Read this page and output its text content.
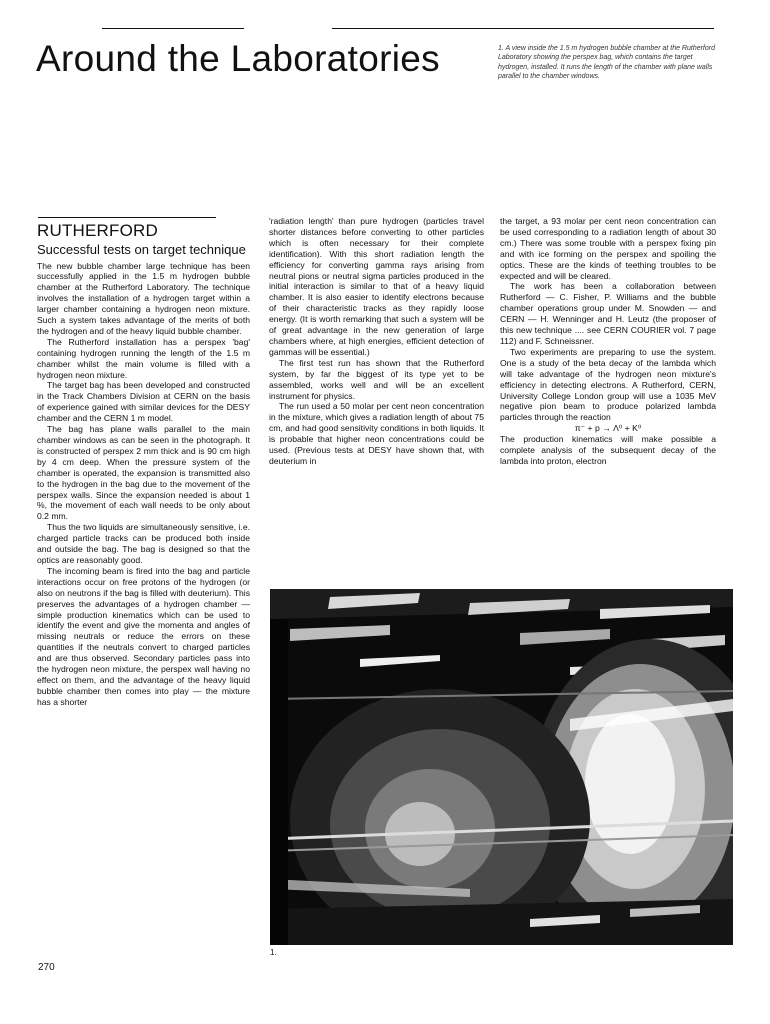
Around the Laboratories	1. A view inside the 1.5 m hydrogen bubble chamber at the Rutherford Laboratory showing the perspex bag, which contains the target hydrogen, installed. It runs the length of the chamber with plane walls parallel to the chamber windows.

RUTHERFORD
Successful tests on target technique

The new bubble chamber large technique has been successfully applied in the 1.5 m hydrogen bubble chamber at the Rutherford Laboratory. The technique involves the installation of a hydrogen target within a larger chamber containing a hydrogen neon mixture. Such a system takes advantage of the merits of both the hydrogen and of the heavy liquid bubble chamber.

The Rutherford installation has a perspex 'bag' containing hydrogen running the length of the 1.5 m chamber whilst the main volume is filled with a hydrogen neon mixture.

The target bag has been developed and constructed in the Track Chambers Division at CERN on the basis of experience gained with similar devices for the DESY chamber and the CERN 1 m model.

The bag has plane walls parallel to the main chamber windows as can be seen in the photograph. It is constructed of perspex 2 mm thick and is 90 cm high by 4 cm deep. When the pressure system of the chamber is operated, the expansion is transmitted also to the hydrogen in the bag due to the movement of the perspex walls. Since the expansion needed is about 1 %, the movement of each wall needs to be only about 0.2 mm.

Thus the two liquids are simultaneously sensitive, i.e. charged particle tracks can be produced both inside and outside the bag. The bag is designed so that the optics are reasonably good.

The incoming beam is fired into the bag and particle interactions occur on free protons of the hydrogen (or also on neutrons if the bag is filled with deuterium). This preserves the advantages of a hydrogen chamber — simple production kinematics which can be used to identify the event and give the momenta and angles of missing neutrals or reduce the errors on these quantities if the neutrals convert to charged particles and are thus observed. Secondary particles pass into the hydrogen neon mixture, the perspex wall having no effect on them, and the advantage of the heavy liquid bubble chamber then comes into play — the mixture has a shorter

'radiation length' than pure hydrogen (particles travel shorter distances before converting to other particles which is often necessary for their complete identification). With this short radiation length the efficiency for converting gamma rays arising from neutral pions or neutral sigma particles produced in the initial interaction is similar to that of a heavy liquid chamber. It is also easier to identify electrons because of their characteristic tracks as they rapidly loose energy. (It is worth remarking that such a system will be of great advantage in the new generation of large chambers where, at high energies, efficient detection of gammas will be essential.)

The first test run has shown that the Rutherford system, by far the biggest of its type yet to be assembled, works well and will be an excellent instrument for physics.

The run used a 50 molar per cent neon concentration in the mixture, which gives a radiation length of about 75 cm, and had good sensitivity conditions in both liquids. It is probable that higher neon concentrations could be used. (Previous tests at DESY have shown that, with deuterium in

the target, a 93 molar per cent neon concentration can be used corresponding to a radiation length of about 30 cm.) There was some trouble with a perspex fixing pin and with ice forming on the perspex and spoiling the optics. These are the kinds of teething troubles to be expected and will be cleared.

The work has been a collaboration between Rutherford — C. Fisher, P. Williams and the bubble chamber operations group under M. Snowden — and CERN — H. Wenninger and H. Leutz (the proposer of this new technique .... see CERN COURIER vol. 7 page 112) and F. Schneissner.

Two experiments are preparing to use the system. One is a study of the beta decay of the lambda which will take advantage of the hydrogen neon mixture's efficiency in detecting electrons. A Rutherford, CERN, University College London group will use a 1035 MeV negative pion beam to produce polarized lambda particles through the reaction

π⁻ + p → Λ⁰ + K⁰

The production kinematics will make possible a complete analysis of the subsequent decay of the lambda into proton, electron

1.

270
